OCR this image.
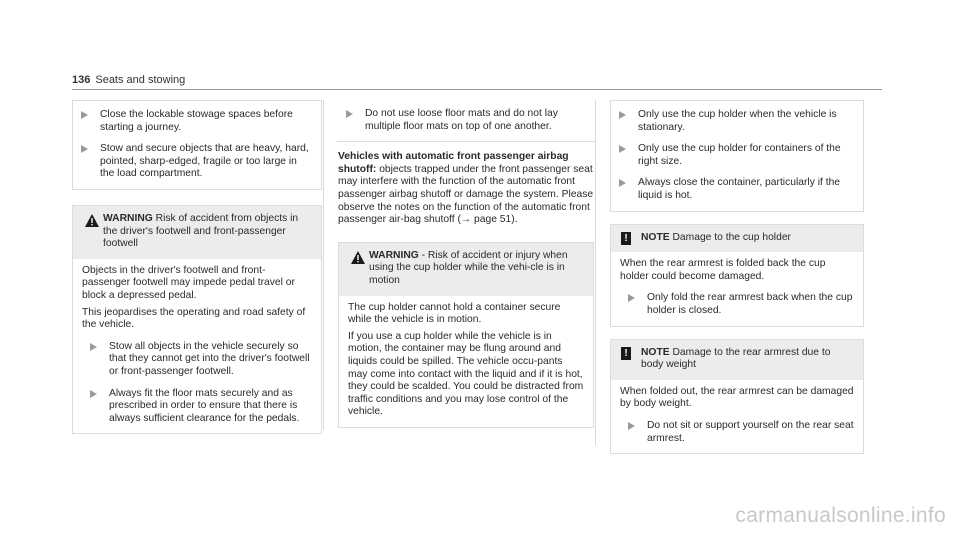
136 Seats and stowing

Close the lockable stowage spaces before starting a journey.

Stow and secure objects that are heavy, hard, pointed, sharp-edged, fragile or too large in the load compartment.

WARNING Risk of accident from objects in the driver's footwell and front-passenger footwell

Objects in the driver's footwell and front-passenger footwell may impede pedal travel or block a depressed pedal.

This jeopardises the operating and road safety of the vehicle.

Stow all objects in the vehicle securely so that they cannot get into the driver's footwell or front-passenger footwell.

Always fit the floor mats securely and as prescribed in order to ensure that there is always sufficient clearance for the pedals.

Do not use loose floor mats and do not lay multiple floor mats on top of one another.

Vehicles with automatic front passenger airbag shutoff: objects trapped under the front passenger seat may interfere with the function of the automatic front passenger airbag shutoff or damage the system. Please observe the notes on the function of the automatic front passenger air-bag shutoff (→ page 51).

WARNING - Risk of accident or injury when using the cup holder while the vehi-cle is in motion

The cup holder cannot hold a container secure while the vehicle is in motion.

If you use a cup holder while the vehicle is in motion, the container may be flung around and liquids could be spilled. The vehicle occu-pants may come into contact with the liquid and if it is hot, they could be scalded. You could be distracted from traffic conditions and you may lose control of the vehicle.

Only use the cup holder when the vehicle is stationary.

Only use the cup holder for containers of the right size.

Always close the container, particularly if the liquid is hot.

!	NOTE Damage to the cup holder

When the rear armrest is folded back the cup holder could become damaged.

Only fold the rear armrest back when the cup holder is closed.

!	NOTE Damage to the rear armrest due to body weight

When folded out, the rear armrest can be damaged by body weight.

Do not sit or support yourself on the rear seat armrest.

carmanualsonline.info
